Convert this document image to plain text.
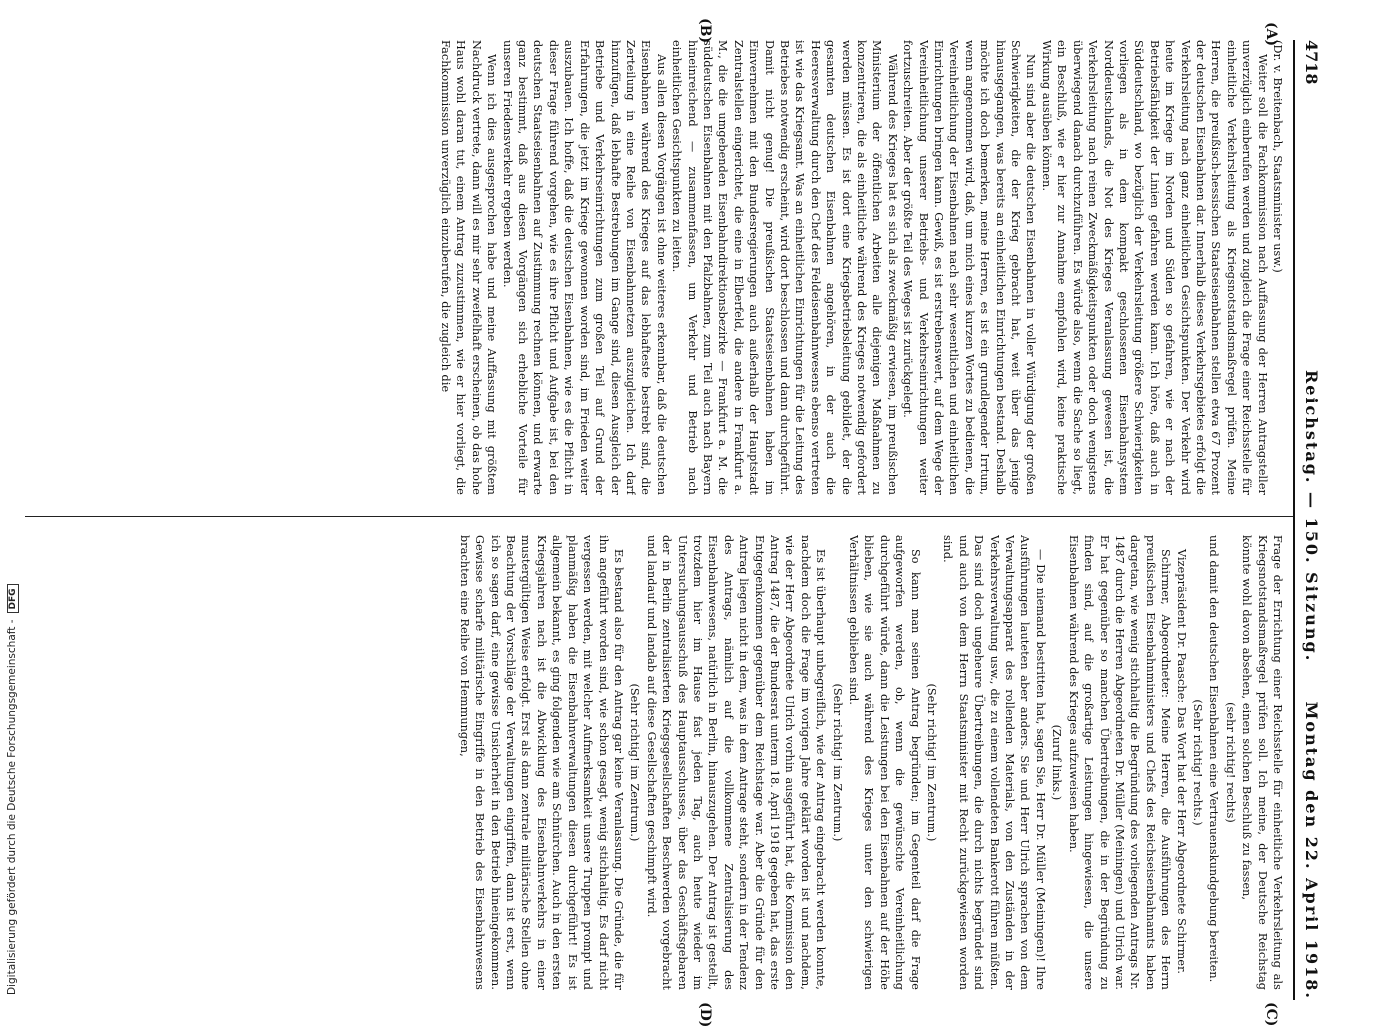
4718
Reichstag. — 150. Sitzung.
Montag den 22. April 1918.
(A)
(B)
(C)
(D)

(Dr. v. Breitenbach, Staatsminister usw.)

Weiter soll die Fachkommission nach Auffassung der Herren Antragsteller unverzüglich einberufen werden und zugleich die Frage einer Reichsstelle für einheitliche Verkehrsleitung als Kriegsnotstandsmaßregel prüfen. Meine Herren, die preußisch-hessischen Staatseisenbahnen stellen etwa 67 Prozent der deutschen Eisenbahnen dar. Innerhalb dieses Verkehrsgebietes erfolgt die Verkehrsleitung nach ganz einheitlichen Gesichtspunkten. Der Verkehr wird heute im Kriege im Norden und Süden so gefahren, wie er nach der Betriebsfähigkeit der Linien gefahren werden kann. Ich höre, daß auch in Süddeutschland, wo bezüglich der Verkehrsleitung größere Schwierigkeiten vorliegen als in dem kompakt geschlossenen Eisenbahnsystem Norddeutschlands, die Not des Krieges Veranlassung gewesen ist, die Verkehrsleitung nach reinen Zweckmäßigkeitspunkten oder doch wenigstens überwiegend danach durchzuführen. Es würde also, wenn die Sache so liegt, ein Beschluß, wie er hier zur Annahme empfohlen wird, keine praktische Wirkung ausüben können.

Nun sind aber die deutschen Eisenbahnen in voller Würdigung der großen Schwierigkeiten, die der Krieg gebracht hat, weit über das jenige hinausgegangen, was bereits an einheitlichen Einrichtungen bestand. Deshalb möchte ich doch bemerken, meine Herren, es ist ein grundlegender Irrtum, wenn angenommen wird, daß, um mich eines kurzen Wortes zu bedienen, die Vereinheitlichung der Eisenbahnen nach sehr wesentlichen und einheitlichen Einrichtungen bringen kann. Gewiß, es ist erstrebenswert, auf dem Wege der Vereinheitlichung unserer Betriebs- und Verkehrseinrichtungen weiter fortzuschreiten. Aber der größte Teil des Weges ist zurückgelegt.

Während des Krieges hat es sich als zweckmäßig erwiesen, im preußischen Ministerium der öffentlichen Arbeiten alle diejenigen Maßnahmen zu konzentrieren, die als einheitliche während des Krieges notwendig gefordert werden müssen. Es ist dort eine Kriegsbetriebsleitung gebildet, der die gesamten deutschen Eisenbahnen angehören, in der auch die Heeresverwaltung durch den Chef des Feldeisenbahnwesens ebenso vertreten ist wie das Kriegsamt. Was an einheitlichen Einrichtungen für die Leitung des Betriebes notwendig erscheint, wird dort beschlossen und dann durchgeführt. Damit nicht genug! Die preußischen Staatseisenbahnen haben im Einvernehmen mit den Bundesregierungen auch außerhalb der Hauptstadt Zentralstellen eingerichtet, die eine in Elberfeld, die andere in Frankfurt a. M., die die umgebenden Eisenbahndirektionsbezirke — Frankfurt a. M. die süddeutschen Eisenbahnen mit den Pfalzbahnen, zum Teil auch nach Bayern hineinreichend — zusammenfassen, um Verkehr und Betrieb nach einheitlichen Gesichtspunkten zu leiten.

Aus allen diesen Vorgängen ist ohne weiteres erkennbar, daß die deutschen Eisenbahnen während des Krieges auf das lebhafteste bestrebt sind, die Zerteilung in eine Reihe von Eisenbahnnetzen auszugleichen. Ich darf hinzufügen, daß lebhafte Bestrebungen im Gange sind, diesen Ausgleich der Betriebe und Verkehrseinrichtungen zum großen Teil auf Grund der Erfahrungen, die jetzt im Kriege gewonnen worden sind, im Frieden weiter auszubauen. Ich hoffe, daß die deutschen Eisenbahnen, wie es die Pflicht in dieser Frage führend vorgehen, wie es ihre Pflicht und Aufgabe ist, bei den deutschen Staatseisenbahnen auf Zustimmung rechnen können, und erwarte ganz bestimmt, daß aus diesen Vorgängen sich erhebliche Vorteile für unseren Friedensverkehr ergeben werden.

Wenn ich dies ausgesprochen habe und meine Auffassung mit größtem Nachdruck vertrete, dann will es mir sehr zweifelhaft erscheinen, ob das hohe Haus wohl daran tut, einem Antrag zuzustimmen, wie er hier vorliegt, die Fachkommission unverzüglich einzuberufen, die zugleich die

Frage der Errichtung einer Reichsstelle für einheitliche Verkehrsleitung als Kriegsnotstandsmaßregel prüfen soll. Ich meine, der Deutsche Reichstag könnte wohl davon absehen, einen solchen Beschluß zu fassen,

(sehr richtig! rechts)

und damit den deutschen Eisenbahnen eine Vertrauenskundgebung bereiten.

(Sehr richtig! rechts.)

Vizepräsident Dr. Paasche: Das Wort hat der Herr Abgeordnete Schirmer.

Schirmer, Abgeordneter: Meine Herren, die Ausführungen des Herrn preußischen Eisenbahnministers und Chefs des Reichseisenbahnamts haben dargetan, wie wenig stichhaltig die Begründung des vorliegenden Antrags Nr. 1487 durch die Herren Abgeordneten Dr. Müller (Meiningen) und Ulrich war. Er hat gegenüber so manchen Übertreibungen, die in der Begründung zu finden sind, auf die großartige Leistungen hingewiesen, die unsere Eisenbahnen während des Krieges aufzuweisen haben.

(Zuruf links.)

— Die niemand bestritten hat, sagen Sie, Herr Dr. Müller (Meiningen)! Ihre Ausführungen lauteten aber anders. Sie und Herr Ulrich sprachen von dem Verwaltungsapparat des rollenden Materials, von den Zuständen in der Verkehrsverwaltung usw., die zu einem vollendeten Bankerott führen müßten. Das sind doch ungeheure Übertreibungen, die durch nichts begründet sind und auch von dem Herrn Staatsminister mit Recht zurückgewiesen worden sind.

(Sehr richtig! im Zentrum.)

So kann man seinen Antrag begründen; im Gegenteil darf die Frage aufgeworfen werden, ob, wenn die gewünschte Vereinheitlichung durchgeführt würde, dann die Leistungen bei den Eisenbahnen auf der Höhe blieben, wie sie auch während des Krieges unter den schwierigen Verhältnissen geblieben sind.

(Sehr richtig! im Zentrum.)

Es ist überhaupt unbegreiflich, wie der Antrag eingebracht werden konnte, nachdem doch die Frage im vorigen Jahre geklärt worden ist und nachdem, wie der Herr Abgeordnete Ulrich vorhin ausgeführt hat, die Kommission den Antrag 1487, die der Bundesrat unterm 18. April 1918 gegeben hat, das erste Entgegenkommen gegenüber dem Reichstage war. Aber die Gründe für den Antrag liegen nicht in dem, was in dem Antrage steht, sondern in der Tendenz des Antrags, nämlich auf die vollkommene Zentralisierung des Eisenbahnwesens, natürlich in Berlin, hinauszugehen. Der Antrag ist gestellt, trotzdem hier im Hause fast jeden Tag, auch heute wieder im Untersuchungsausschuß des Hauptausschusses, über das Geschäftsgebaren der in Berlin zentralisierten Kriegsgesellschaften Beschwerden vorgebracht und landauf und landab auf diese Gesellschaften geschimpft wird.

(Sehr richtig! im Zentrum.)

Es bestand also für den Antrag gar keine Veranlassung. Die Gründe, die für ihn angeführt worden sind, wie schon gesagt, wenig stichhaltig. Es darf nicht vergessen werden, mit welcher Aufmerksamkeit unsere Truppen prompt und planmäßig haben die Eisenbahnverwaltungen diesen durchgeführt! Es ist allgemein bekannt, es ging folgenden wie am Schnürchen. Auch in den ersten Kriegsjahren nach ist die Abwicklung des Eisenbahnverkehrs in einer mustergültigen Weise erfolgt. Erst als dann zentrale militärische Stellen ohne Beachtung der Vorschläge der Verwaltungen eingriffen, dann ist erst, wenn ich so sagen darf, eine gewisse Unsicherheit in den Betrieb hineingekommen. Gewisse scharfe militärische Eingriffe in den Betrieb des Eisenbahnwesens brachten eine Reihe von Hemmungen,

Digitalisierung gefördert durch die Deutsche Forschungsgemeinschaft -DFG
